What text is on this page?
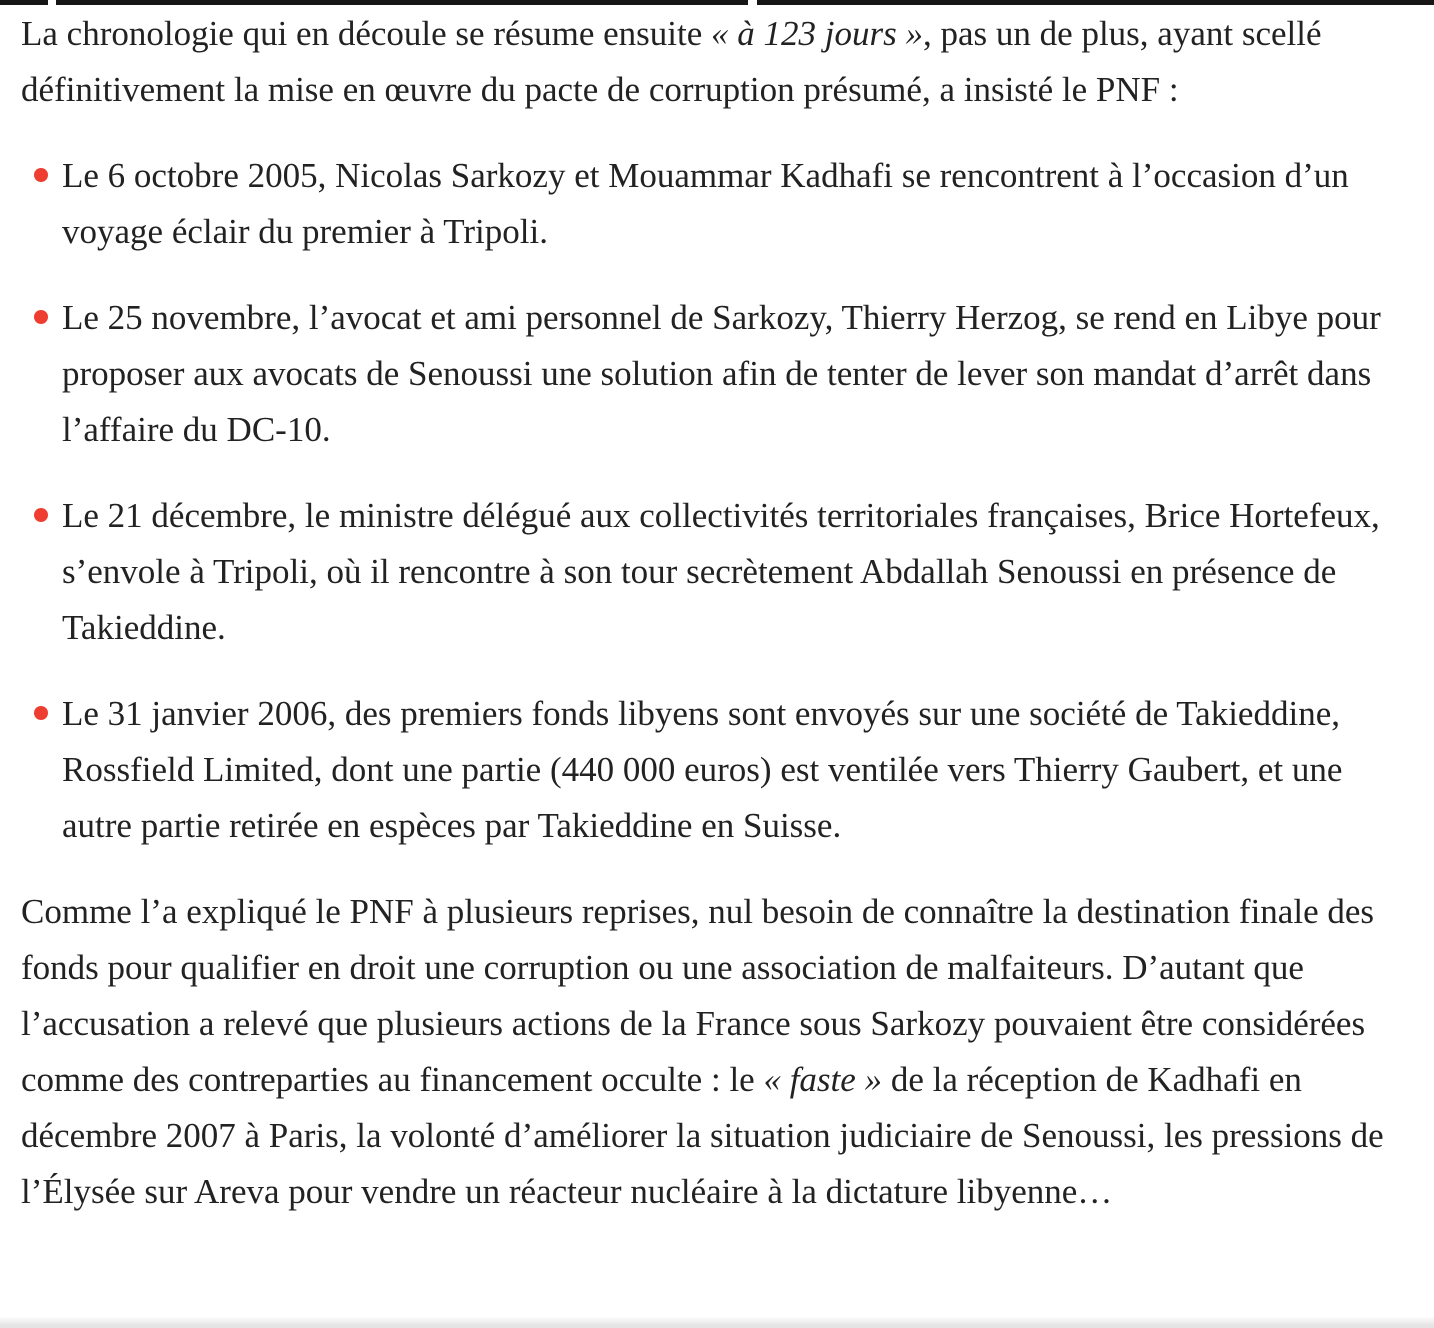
La chronologie qui en découle se résume ensuite « à 123 jours », pas un de plus, ayant scellé définitivement la mise en œuvre du pacte de corruption présumé, a insisté le PNF :

Le 6 octobre 2005, Nicolas Sarkozy et Mouammar Kadhafi se rencontrent à l’occasion d’un voyage éclair du premier à Tripoli.
Le 25 novembre, l’avocat et ami personnel de Sarkozy, Thierry Herzog, se rend en Libye pour proposer aux avocats de Senoussi une solution afin de tenter de lever son mandat d’arrêt dans l’affaire du DC-10.
Le 21 décembre, le ministre délégué aux collectivités territoriales françaises, Brice Hortefeux, s’envole à Tripoli, où il rencontre à son tour secrètement Abdallah Senoussi en présence de Takieddine.
Le 31 janvier 2006, des premiers fonds libyens sont envoyés sur une société de Takieddine, Rossfield Limited, dont une partie (440 000 euros) est ventilée vers Thierry Gaubert, et une autre partie retirée en espèces par Takieddine en Suisse.

Comme l’a expliqué le PNF à plusieurs reprises, nul besoin de connaître la destination finale des fonds pour qualifier en droit une corruption ou une association de malfaiteurs. D’autant que l’accusation a relevé que plusieurs actions de la France sous Sarkozy pouvaient être considérées comme des contreparties au financement occulte : le « faste » de la réception de Kadhafi en décembre 2007 à Paris, la volonté d’améliorer la situation judiciaire de Senoussi, les pressions de l’Élysée sur Areva pour vendre un réacteur nucléaire à la dictature libyenne…
